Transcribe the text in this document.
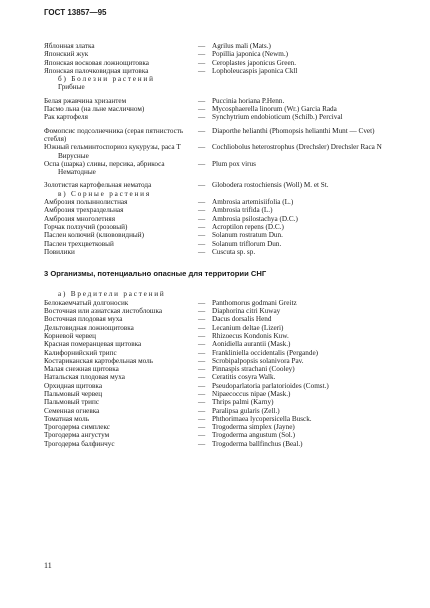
ГОСТ 13857—95
Яблонная златка	— Agrilus mali (Mats.)
Японский жук	— Popillia japonica (Newm.)
Японская восковая ложнощитовка	— Ceroplastes japonicus Green.
Японская палочковидная щитовка	— Lopholeucaspis japonica Ckll
б) Болезни растений
Грибные
Белая ржавчина хризантем	— Puccinia horiana P.Henn.
Пасмо льна (на льне масличном)	— Mycosphaerella linorum (Wr.) Garcia Rada
Рак картофеля	— Synchytrium endobioticum (Schilb.) Percival
Фомопсис подсолнечника (серая пятнистость стебля)
— Diaporthe helianthi (Phomopsis helianthi Munt — Cvet)
Южный гельминтоспориоз кукурузы, раса Т	— Cochliobolus heterostrophus (Drechsler) Drechsler Raca N
Вирусные
Оспа (шарка) сливы, персика, абрикоса	— Plum pox virus
Нематодные
Золотистая картофельная нематода	— Globodera rostochiensis (Woll) M. et St.
в) Сорные растения
Амброзия полыннолистная	— Ambrosia artemisiifolia (L.)
Амброзия трехраздельная	— Ambrosia trifida (L.)
Амброзия многолетняя	— Ambrosia psilostachya (D.C.)
Горчак ползучий (розовый)	— Acroptilon repens (D.C.)
Паслен колючий (клювовидный)	— Solanum rostratum Dun.
Паслен трехцветковый	— Solanum triflorum Dun.
Повилики	— Cuscuta sp. sp.
3 Организмы, потенциально опасные для территории СНГ
а) Вредители растений
Белокаемчатый долгоносик	— Panthomorus godmani Greitz
Восточная или азиатская листоблошка	— Diaphorina citri Kuway
Восточная плодовая муха	— Dacus dorsalis Hend
Дельтовидная ложнощитовка	— Lecanium deltae (Lizeri)
Корневой червец	— Rhizoecus Kondonis Kuw.
Красная померанцевая щитовка	— Aonidiella aurantii (Mask.)
Калифорнийский трипс	— Frankliniella occidentalis (Pergande)
Костариканская картофельная моль	— Scrobipalpopsis solanivora Pav.
Малая снежная щитовка	— Pinnaspis strachani (Cooley)
Натальская плодовая муха	— Ceratitis cosyra Walk.
Орхидная щитовка	— Pseudoparlatoria parlatorioides (Comst.)
Пальмовый червец	— Nipaecoccus nipae (Mask.)
Пальмовый трипс	— Thrips palmi (Karny)
Семенная огневка	— Paralipsa gularis (Zell.)
Томатная моль	— Phthorimaea lycopersicella Busck.
Трогодерма симплекс	— Trogoderma simplex (Jayne)
Трогодерма ангустум	— Trogoderma angustum (Sol.)
Трогодерма балфинчус	— Trogoderma ballfinchus (Beal.)
11
